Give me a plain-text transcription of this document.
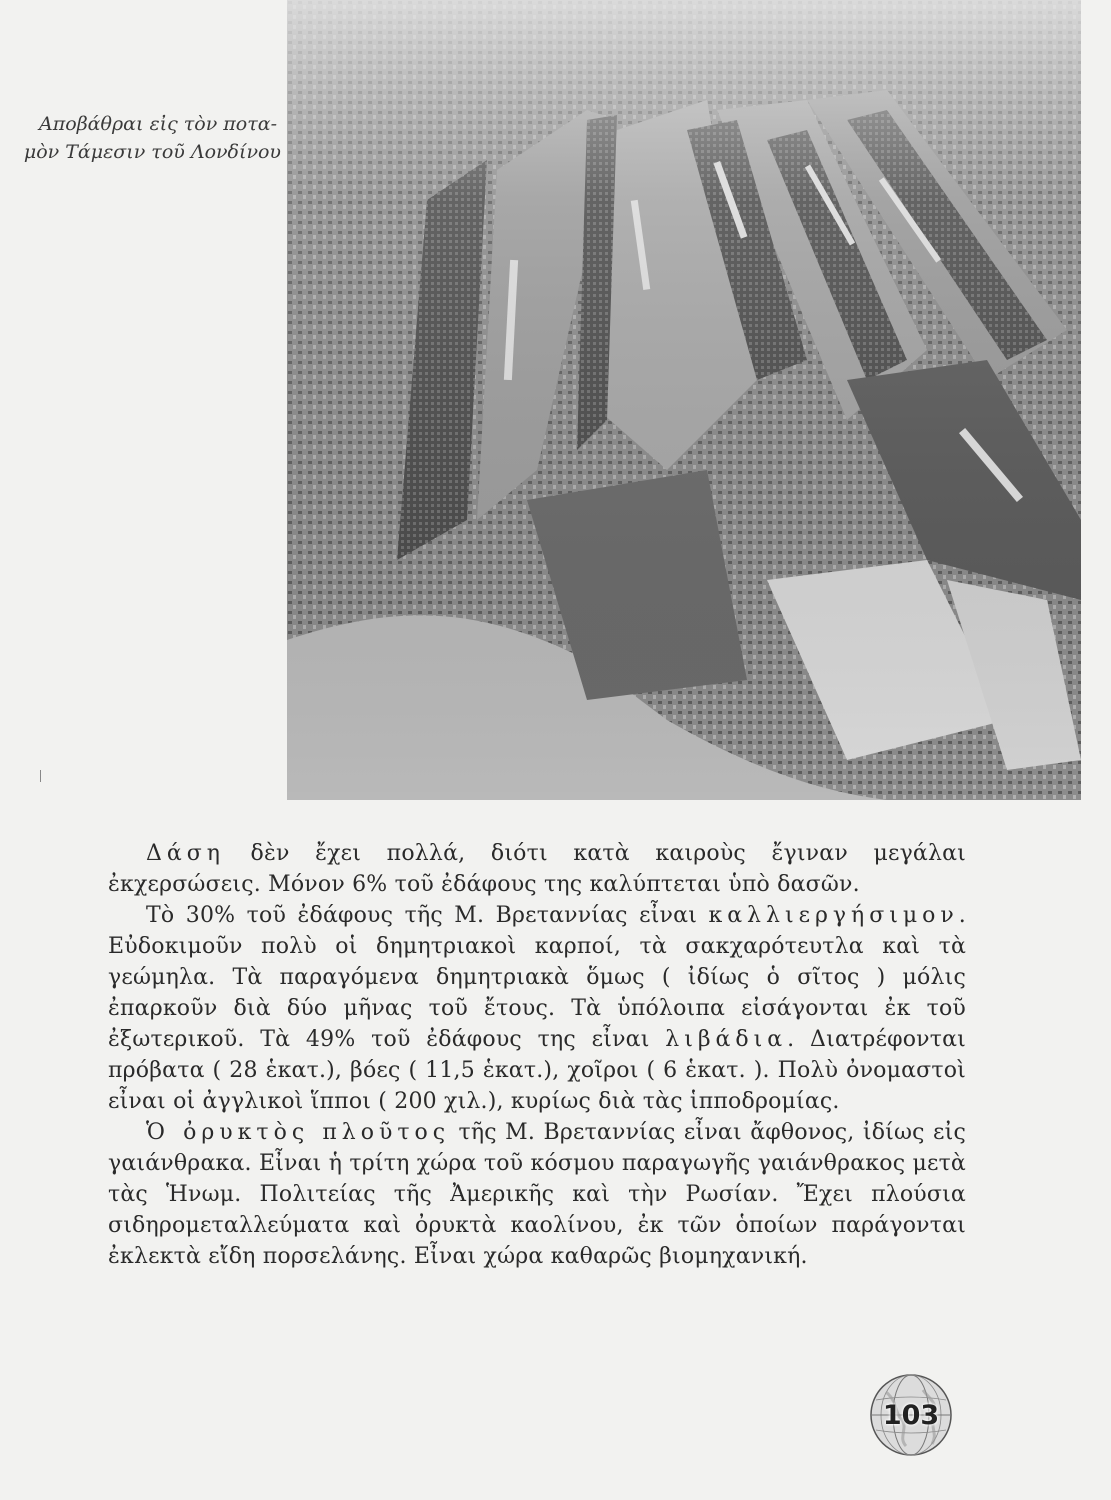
Αποβάθραι εἰς τὸν ποτα-
μὸν Τάμεσιν τοῦ Λονδίνου

Δάση δὲν ἔχει πολλά, διότι κατὰ καιροὺς ἔγιναν μεγάλαι ἐκχερσώσεις. Μόνον 6% τοῦ ἐδάφους της καλύπτεται ὑπὸ δασῶν.

Τὸ 30% τοῦ ἐδάφους τῆς Μ. Βρεταννίας εἶναι καλλιεργήσιμον. Εὐδοκιμοῦν πολὺ οἱ δημητριακοὶ καρποί, τὰ σακχαρότευτλα καὶ τὰ γεώμηλα. Τὰ παραγόμενα δημητριακὰ ὅμως ( ἰδίως ὁ σῖτος ) μόλις ἐπαρκοῦν διὰ δύο μῆνας τοῦ ἔτους. Τὰ ὑπόλοιπα εἰσάγονται ἐκ τοῦ ἐξωτερικοῦ. Τὰ 49% τοῦ ἐδάφους της εἶναι λιβάδια. Διατρέφονται πρόβατα ( 28 ἑκατ.), βόες ( 11,5 ἑκατ.), χοῖροι ( 6 ἑκατ. ). Πολὺ ὀνομαστοὶ εἶναι οἱ ἀγγλικοὶ ἵπποι ( 200 χιλ.), κυρίως διὰ τὰς ἱπποδρομίας.

Ὁ ὀρυκτὸς πλοῦτος τῆς Μ. Βρεταννίας εἶναι ἄφθονος, ἰδίως εἰς γαιάνθρακα. Εἶναι ἡ τρίτη χώρα τοῦ κόσμου παραγωγῆς γαιάνθρακος μετὰ τὰς Ἡνωμ. Πολιτείας τῆς Ἀμερικῆς καὶ τὴν Ρωσίαν. Ἔχει πλούσια σιδηρομεταλλεύματα καὶ ὀρυκτὰ καολίνου, ἐκ τῶν ὁποίων παράγονται ἐκλεκτὰ εἴδη πορσελάνης. Εἶναι χώρα καθαρῶς βιομηχανική.

103
